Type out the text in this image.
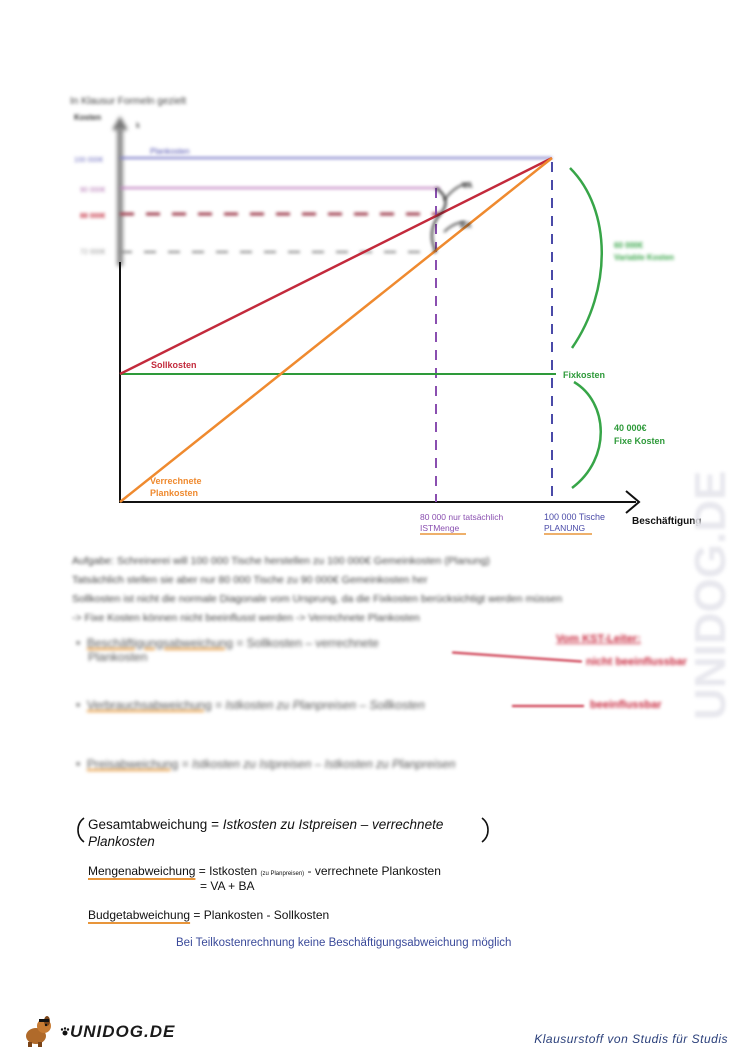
In Klausur Formeln gezielt
Kosten
k
Beschäftigung
100 000€
90 000€
88 000€
72 000€
Plankosten
Fixkosten
Sollkosten
Verrechnete
Plankosten
VA
BA
80 000 nur tatsächlich
ISTMenge
100 000 Tische
PLANUNG
60 000€
Variable Kosten
40 000€
Fixe Kosten
UNIDOG.DE
Aufgabe: Schreinerei will 100 000 Tische herstellen zu 100 000€ Gemeinkosten (Planung)
Tatsächlich stellen sie aber nur 80 000 Tische zu 90 000€ Gemeinkosten her
Sollkosten ist nicht die normale Diagonale vom Ursprung, da die Fixkosten berücksichtigt werden müssen
-> Fixe Kosten können nicht beeinflusst werden -> Verrechnete Plankosten
•  Beschäftigungsabweichung = Sollkosten – verrechnete
Plankosten
•  Verbrauchsabweichung = Istkosten zu Planpreisen – Sollkosten
•  Preisabweichung = Istkosten zu Istpreisen – Istkosten zu Planpreisen
Vom KST-Leiter:
nicht beeinflussbar
beeinflussbar
Gesamtabweichung = Istkosten zu Istpreisen – verrechnete
Plankosten
Mengenabweichung = Istkosten (zu Planpreisen) - verrechnete Plankosten
= VA + BA
Budgetabweichung = Plankosten - Sollkosten
Bei Teilkostenrechnung keine Beschäftigungsabweichung möglich
UNIDOG.DE	Klausurstoff von Studis für Studis
